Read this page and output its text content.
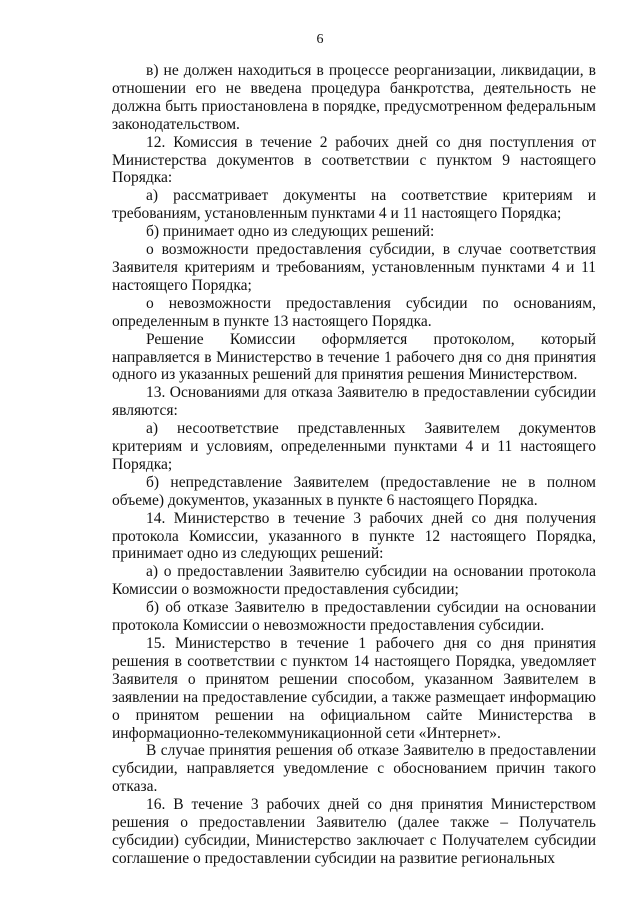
6

в) не должен находиться в процессе реорганизации, ликвидации, в отношении его не введена процедура банкротства, деятельность не должна быть приостановлена в порядке, предусмотренном федеральным законодательством.

12. Комиссия в течение 2 рабочих дней со дня поступления от Министерства документов в соответствии с пунктом 9 настоящего Порядка:

а) рассматривает документы на соответствие критериям и требованиям, установленным пунктами 4 и 11 настоящего Порядка;

б) принимает одно из следующих решений:

о возможности предоставления субсидии, в случае соответствия Заявителя критериям и требованиям, установленным пунктами 4 и 11 настоящего Порядка;

о невозможности предоставления субсидии по основаниям, определенным в пункте 13 настоящего Порядка.

Решение Комиссии оформляется протоколом, который направляется в Министерство в течение 1 рабочего дня со дня принятия одного из указанных решений для принятия решения Министерством.

13. Основаниями для отказа Заявителю в предоставлении субсидии являются:

а) несоответствие представленных Заявителем документов критериям и условиям, определенными пунктами 4 и 11 настоящего Порядка;

б) непредставление Заявителем (предоставление не в полном объеме) документов, указанных в пункте 6 настоящего Порядка.

14. Министерство в течение 3 рабочих дней со дня получения протокола Комиссии, указанного в пункте 12 настоящего Порядка, принимает одно из следующих решений:

а) о предоставлении Заявителю субсидии на основании протокола Комиссии о возможности предоставления субсидии;

б) об отказе Заявителю в предоставлении субсидии на основании протокола Комиссии о невозможности предоставления субсидии.

15. Министерство в течение 1 рабочего дня со дня принятия решения в соответствии с пунктом 14 настоящего Порядка, уведомляет Заявителя о принятом решении способом, указанном Заявителем в заявлении на предоставление субсидии, а также размещает информацию о принятом решении на официальном сайте Министерства в информационно-телекоммуникационной сети «Интернет».

В случае принятия решения об отказе Заявителю в предоставлении субсидии, направляется уведомление с обоснованием причин такого отказа.

16. В течение 3 рабочих дней со дня принятия Министерством решения о предоставлении Заявителю (далее также – Получатель субсидии) субсидии, Министерство заключает с Получателем субсидии соглашение о предоставлении субсидии на развитие региональных
